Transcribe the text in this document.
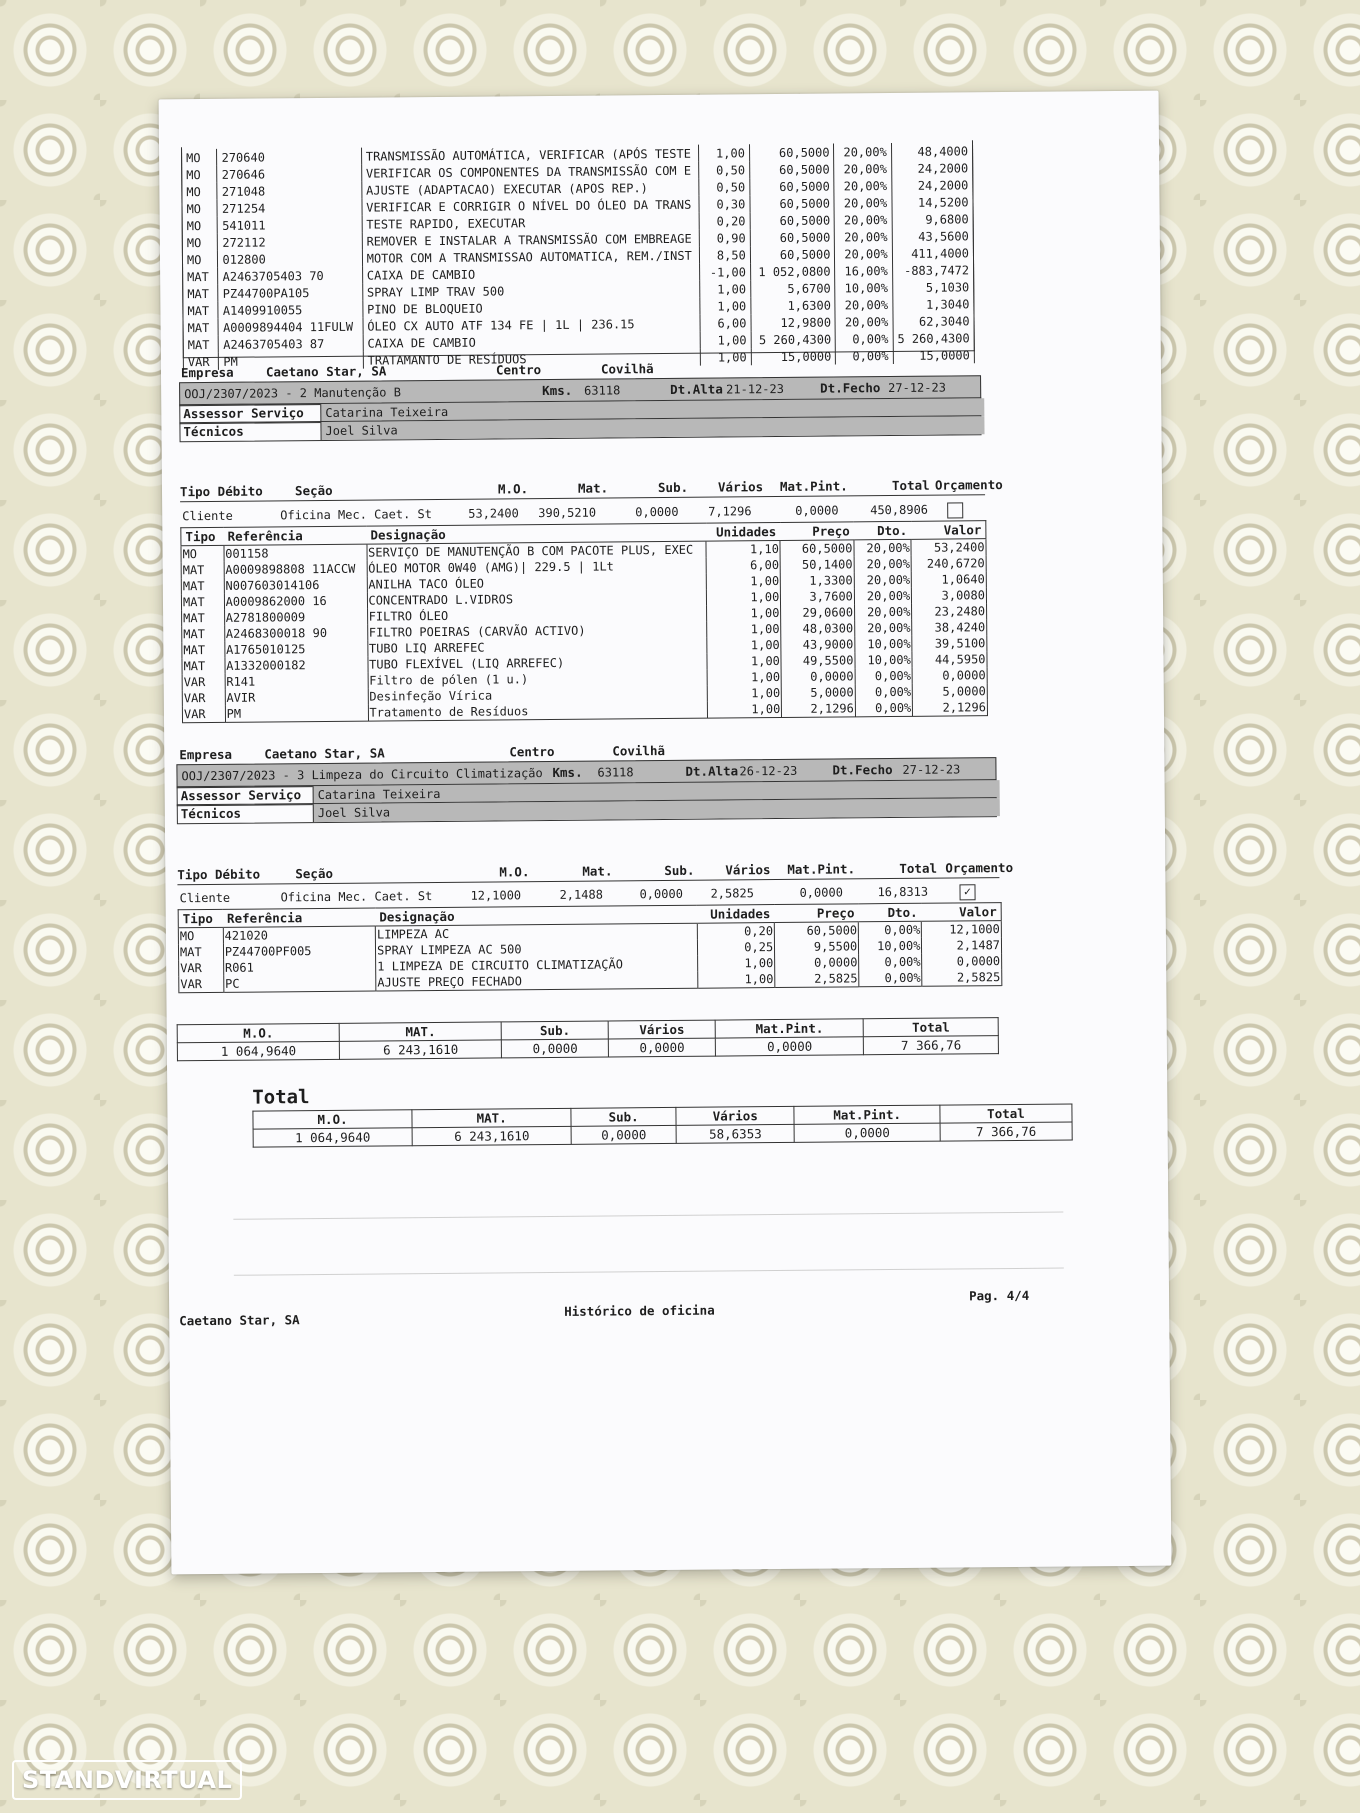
MO	270640	TRANSMISSÃO AUTOMÁTICA, VERIFICAR (APÓS TESTE	1,00	60,5000	20,00%	48,4000
MO	270646	VERIFICAR OS COMPONENTES DA TRANSMISSÃO COM E	0,50	60,5000	20,00%	24,2000
MO	271048	AJUSTE (ADAPTACAO) EXECUTAR (APOS REP.)	0,50	60,5000	20,00%	24,2000
MO	271254	VERIFICAR E CORRIGIR O NÍVEL DO ÓLEO DA TRANS	0,30	60,5000	20,00%	14,5200
MO	541011	TESTE RAPIDO, EXECUTAR	0,20	60,5000	20,00%	9,6800
MO	272112	REMOVER E INSTALAR A TRANSMISSÃO COM EMBREAGE	0,90	60,5000	20,00%	43,5600
MO	012800	MOTOR COM A TRANSMISSAO AUTOMATICA, REM./INST	8,50	60,5000	20,00%	411,4000
MAT	A2463705403 70	CAIXA DE CAMBIO	-1,00	1 052,0800	16,00%	-883,7472
MAT	PZ44700PA105	SPRAY LIMP TRAV 500	1,00	5,6700	10,00%	5,1030
MAT	A1409910055	PINO DE BLOQUEIO	1,00	1,6300	20,00%	1,3040
MAT	A0009894404 11FULW	ÓLEO CX AUTO ATF 134 FE | 1L | 236.15	6,00	12,9800	20,00%	62,3040
MAT	A2463705403 87	CAIXA DE CAMBIO	1,00	5 260,4300	0,00%	5 260,4300
VAR	PM	TRATAMANTO DE RESÍDUOS	1,00	15,0000	0,00%	15,0000
Empresa	Caetano Star, SA	Centro	Covilhã
OOJ/2307/2023 - 2 Manutenção B	Kms. 63118	Dt.Alta 21-12-23	Dt.Fecho 27-12-23
Assessor Serviço	Catarina Teixeira
Técnicos	Joel Silva
Tipo Débito	Seção	M.O.	Mat.	Sub. Vários Mat.Pint.	Total Orçamento
Cliente	Oficina Mec. Caet. St	53,2400 390,5210	0,0000 7,1296	0,0000	450,8906
Tipo	Referência	Designação	Unidades	Preço	Dto.	Valor
MO	001158	SERVIÇO DE MANUTENÇÃO B COM PACOTE PLUS, EXEC	1,10	60,5000	20,00%	53,2400
MAT	A0009898808 11ACCW	ÓLEO MOTOR 0W40 (AMG)| 229.5 | 1Lt	6,00	50,1400	20,00%	240,6720
MAT	N007603014106	ANILHA TACO ÓLEO	1,00	1,3300	20,00%	1,0640
MAT	A0009862000 16	CONCENTRADO L.VIDROS	1,00	3,7600	20,00%	3,0080
MAT	A2781800009	FILTRO ÓLEO	1,00	29,0600	20,00%	23,2480
MAT	A2468300018 90	FILTRO POEIRAS (CARVÃO ACTIVO)	1,00	48,0300	20,00%	38,4240
MAT	A1765010125	TUBO LIQ ARREFEC	1,00	43,9000	10,00%	39,5100
MAT	A1332000182	TUBO FLEXÍVEL (LIQ ARREFEC)	1,00	49,5500	10,00%	44,5950
VAR	R141	Filtro de pólen (1 u.)	1,00	0,0000	0,00%	0,0000
VAR	AVIR	Desinfeção Vírica	1,00	5,0000	0,00%	5,0000
VAR	PM	Tratamento de Resíduos	1,00	2,1296	0,00%	2,1296
Empresa	Caetano Star, SA	Centro	Covilhã
OOJ/2307/2023 - 3 Limpeza do Circuito Climatização Kms. 63118	Dt.Alta 26-12-23	Dt.Fecho 27-12-23
Assessor Serviço	Catarina Teixeira
Técnicos	Joel Silva
Tipo Débito	Seção	M.O.	Mat.	Sub. Vários Mat.Pint.	Total Orçamento
Cliente	Oficina Mec. Caet. St	12,1000	2,1488	0,0000 2,5825	0,0000	16,8313	✓
Tipo	Referência	Designação	Unidades	Preço	Dto.	Valor
MO	421020	LIMPEZA AC	0,20	60,5000	0,00%	12,1000
MAT	PZ44700PF005	SPRAY LIMPEZA AC 500	0,25	9,5500	10,00%	2,1487
VAR	R061	1 LIMPEZA DE CIRCUITO CLIMATIZAÇÃO	1,00	0,0000	0,00%	0,0000
VAR	PC	AJUSTE PREÇO FECHADO	1,00	2,5825	0,00%	2,5825
M.O.	MAT.	Sub.	Vários	Mat.Pint.	Total
1 064,9640	6 243,1610	0,0000	0,0000	0,0000	7 366,76
Total
M.O.	MAT.	Sub.	Vários	Mat.Pint.	Total
1 064,9640	6 243,1610	0,0000	58,6353	0,0000	7 366,76
Caetano Star, SA
Histórico de oficina
Pag. 4/4
STANDVIRTUAL
